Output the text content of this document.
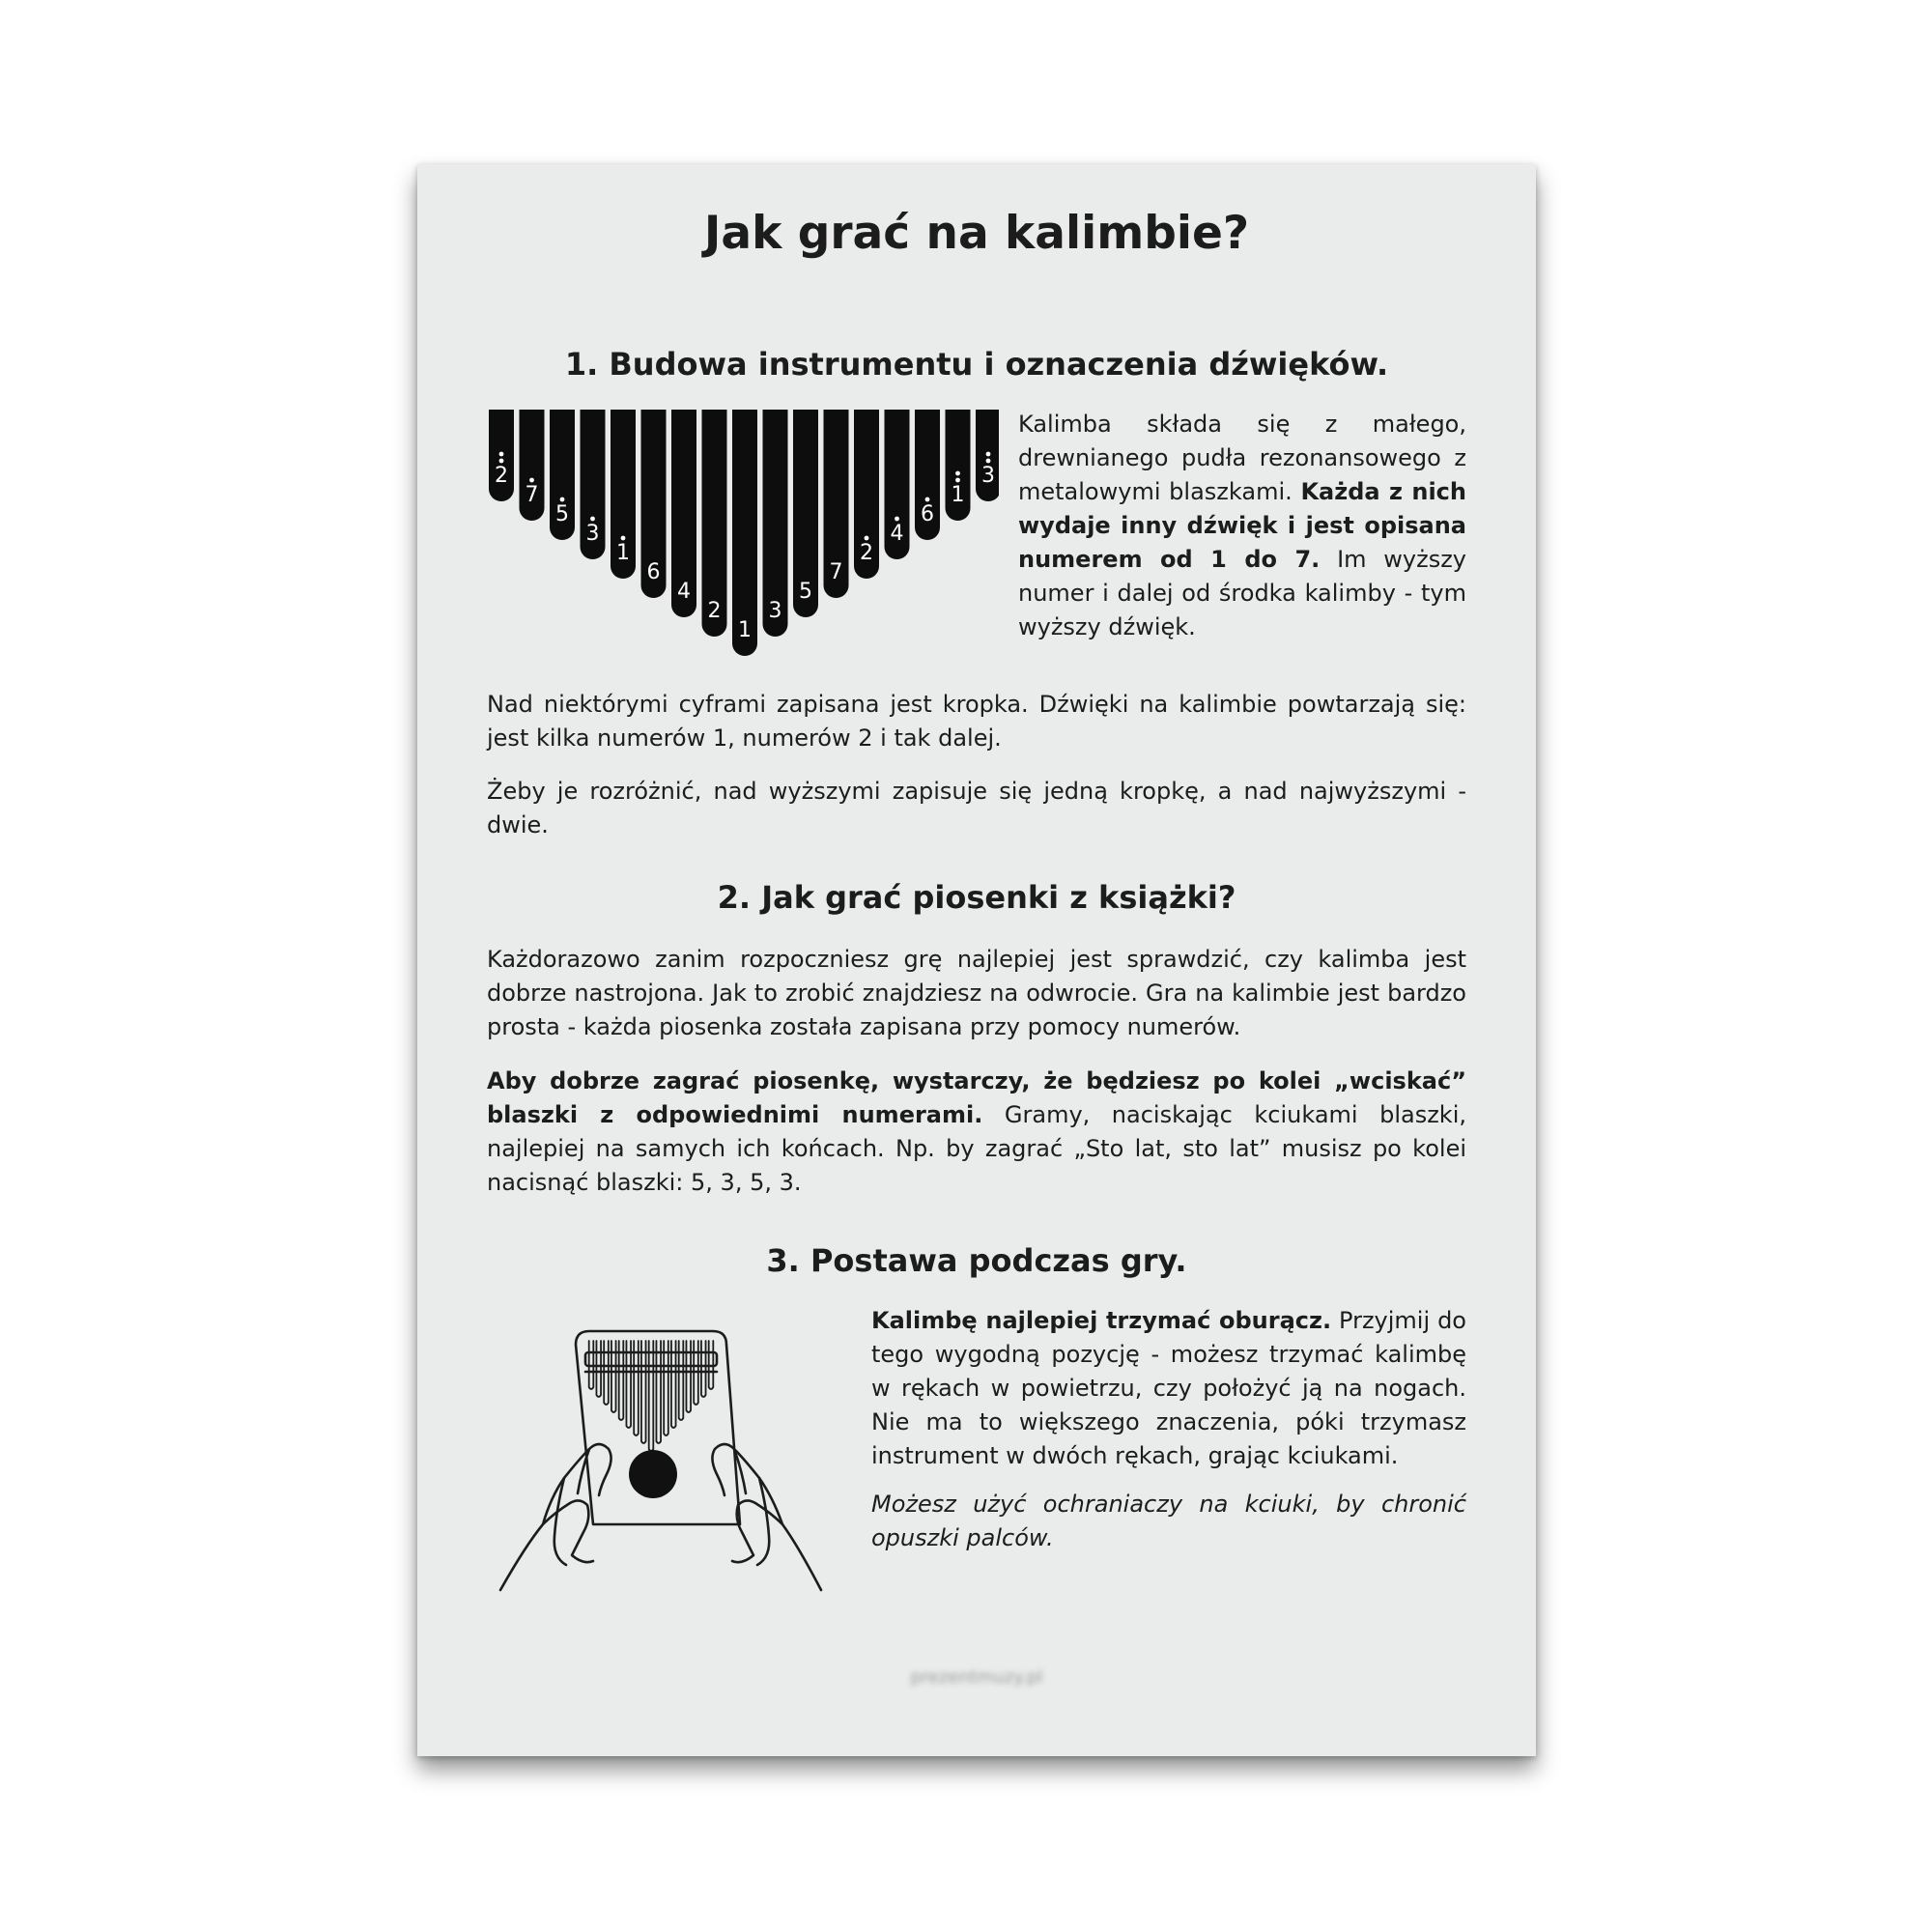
Jak grać na kalimbie?
1. Budowa instrumentu i oznaczenia dźwięków.
2
7
5
3
1
6
4
2
1
3
5
7
2
4
6
1
3

Kalimba składa się z małego, drewnianego pudła rezonansowego z metalowymi blaszkami. Każda z nich wydaje inny dźwięk i jest opisana numerem od 1 do 7. Im wyższy numer i dalej od środka kalimby - tym wyższy dźwięk.

Nad niektórymi cyframi zapisana jest kropka. Dźwięki na kalimbie powtarzają się: jest kilka numerów 1, numerów 2 i tak dalej.

Żeby je rozróżnić, nad wyższymi zapisuje się jedną kropkę, a nad najwyższymi - dwie.

2. Jak grać piosenki z książki?

Każdorazowo zanim rozpoczniesz grę najlepiej jest sprawdzić, czy kalimba jest dobrze nastrojona. Jak to zrobić znajdziesz na odwrocie. Gra na kalimbie jest bardzo prosta - każda piosenka została zapisana przy pomocy numerów.

Aby dobrze zagrać piosenkę, wystarczy, że będziesz po kolei „wciskać” blaszki z odpowiednimi numerami. Gramy, naciskając kciukami blaszki, najlepiej na samych ich końcach. Np. by zagrać „Sto lat, sto lat” musisz po kolei nacisnąć blaszki: 5, 3, 5, 3.

3. Postawa podczas gry.

Kalimbę najlepiej trzymać oburącz. Przyjmij do tego wygodną pozycję - możesz trzymać kalimbę w rękach w powietrzu, czy położyć ją na nogach. Nie ma to większego znaczenia, póki trzymasz instrument w dwóch rękach, grając kciukami.

Możesz użyć ochraniaczy na kciuki, by chronić opuszki palców.

prezentmuzy.pl
